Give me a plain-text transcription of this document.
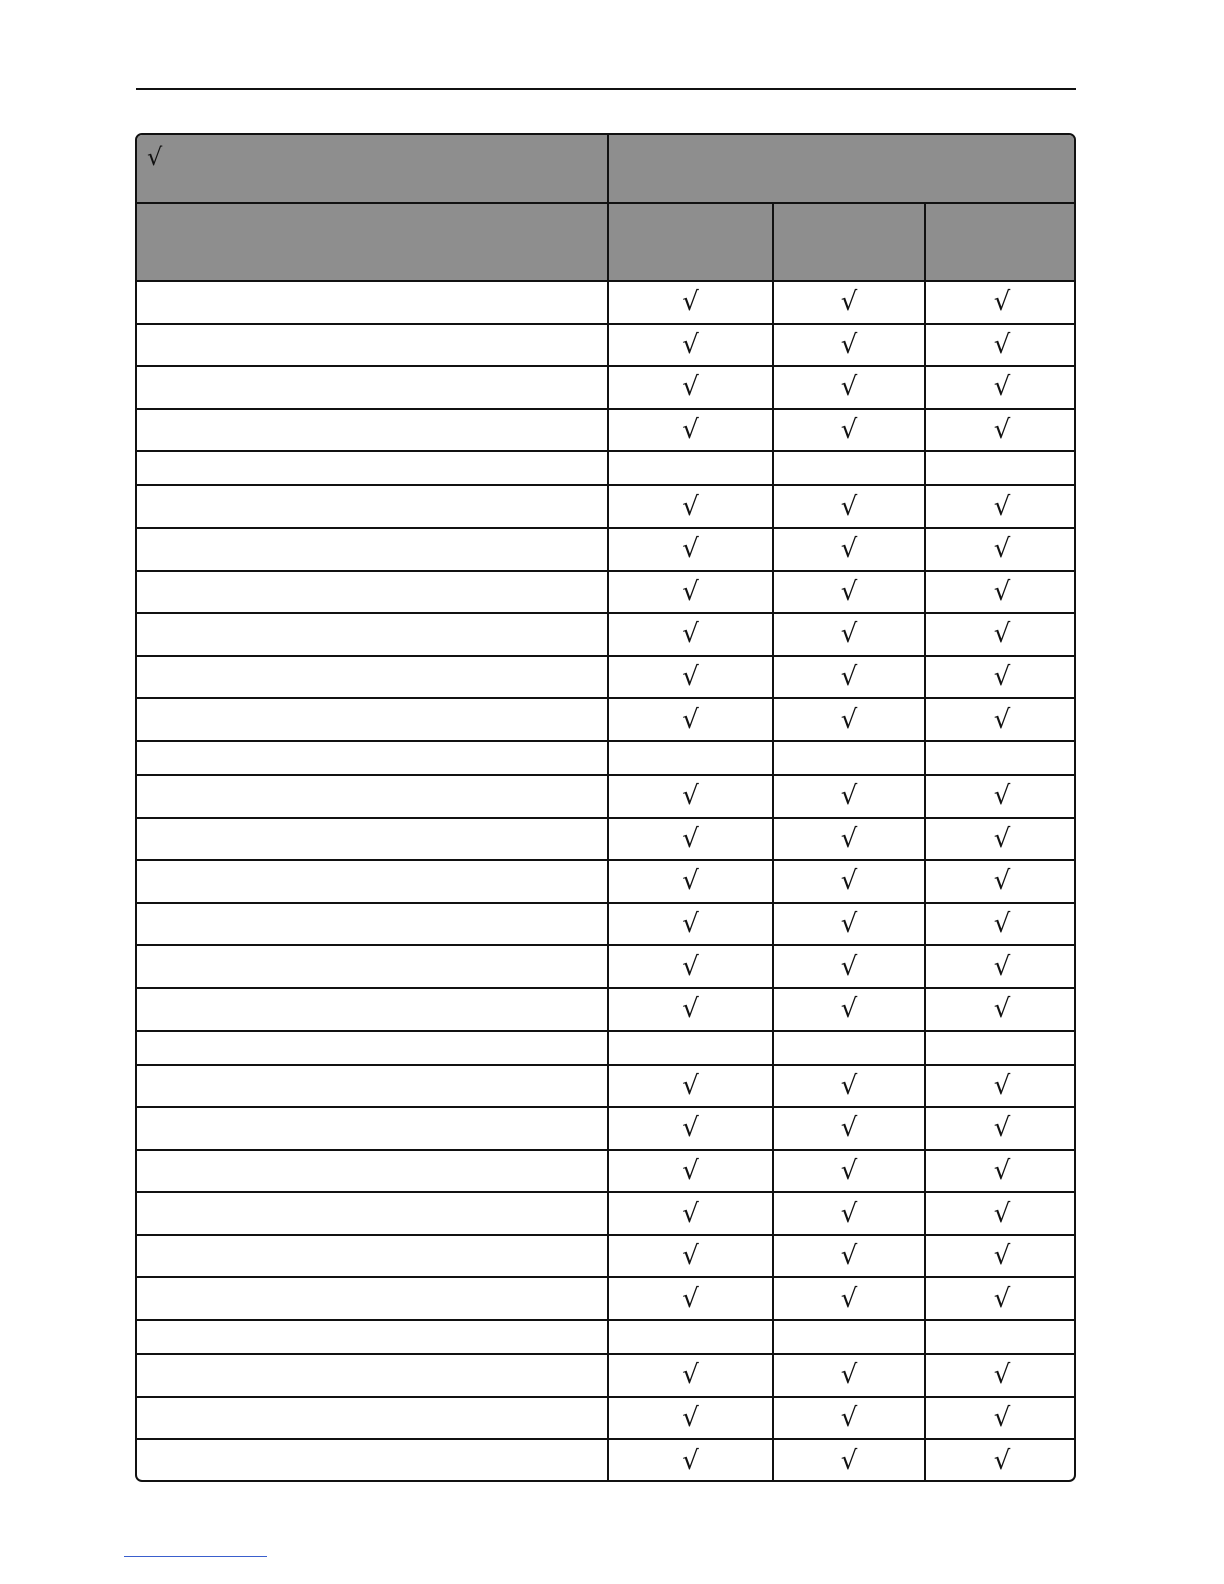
√			

	√	√	√
	√	√	√
	√	√	√
	√	√	√

	√	√	√
	√	√	√
	√	√	√
	√	√	√
	√	√	√
	√	√	√

	√	√	√
	√	√	√
	√	√	√
	√	√	√
	√	√	√
	√	√	√

	√	√	√
	√	√	√
	√	√	√
	√	√	√
	√	√	√
	√	√	√

	√	√	√
	√	√	√
	√	√	√
